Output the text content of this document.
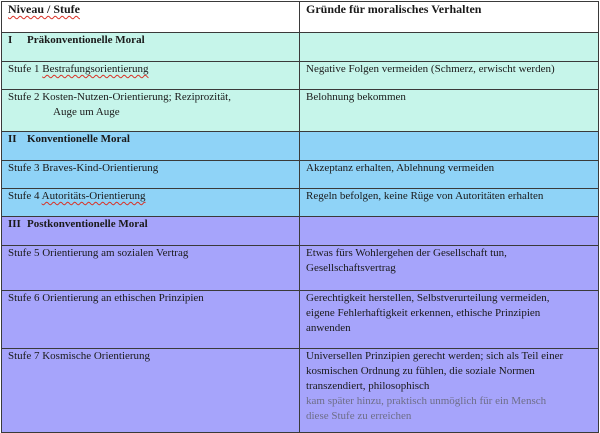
Niveau / Stufe	Gründe für moralisches Verhalten
I Präkonventionelle Moral	
Stufe 1 Bestrafungsorientierung	Negative Folgen vermeiden (Schmerz, erwischt werden)

Stufe 2 Kosten-Nutzen-Orientierung; Reziprozität,
Auge um Auge	Belohnung bekommen
II Konventionelle Moral	
Stufe 3 Braves-Kind-Orientierung	Akzeptanz erhalten, Ablehnung vermeiden
Stufe 4 Autoritäts-Orientierung	Regeln befolgen, keine Rüge von Autoritäten erhalten
III Postkonventionelle Moral	
Stufe 5 Orientierung am sozialen Vertrag	Etwas fürs Wohlergehen der Gesellschaft tun,
Gesellschaftsvertrag

Stufe 6 Orientierung an ethischen Prinzipien	Gerechtigkeit herstellen, Selbstverurteilung vermeiden,
eigene Fehlerhaftigkeit erkennen, ethische Prinzipien
anwenden

Stufe 7 Kosmische Orientierung	Universellen Prinzipien gerecht werden; sich als Teil einer
kosmischen Ordnung zu fühlen, die soziale Normen
transzendiert, philosophisch
kam später hinzu, praktisch unmöglich für ein Mensch
diese Stufe zu erreichen
